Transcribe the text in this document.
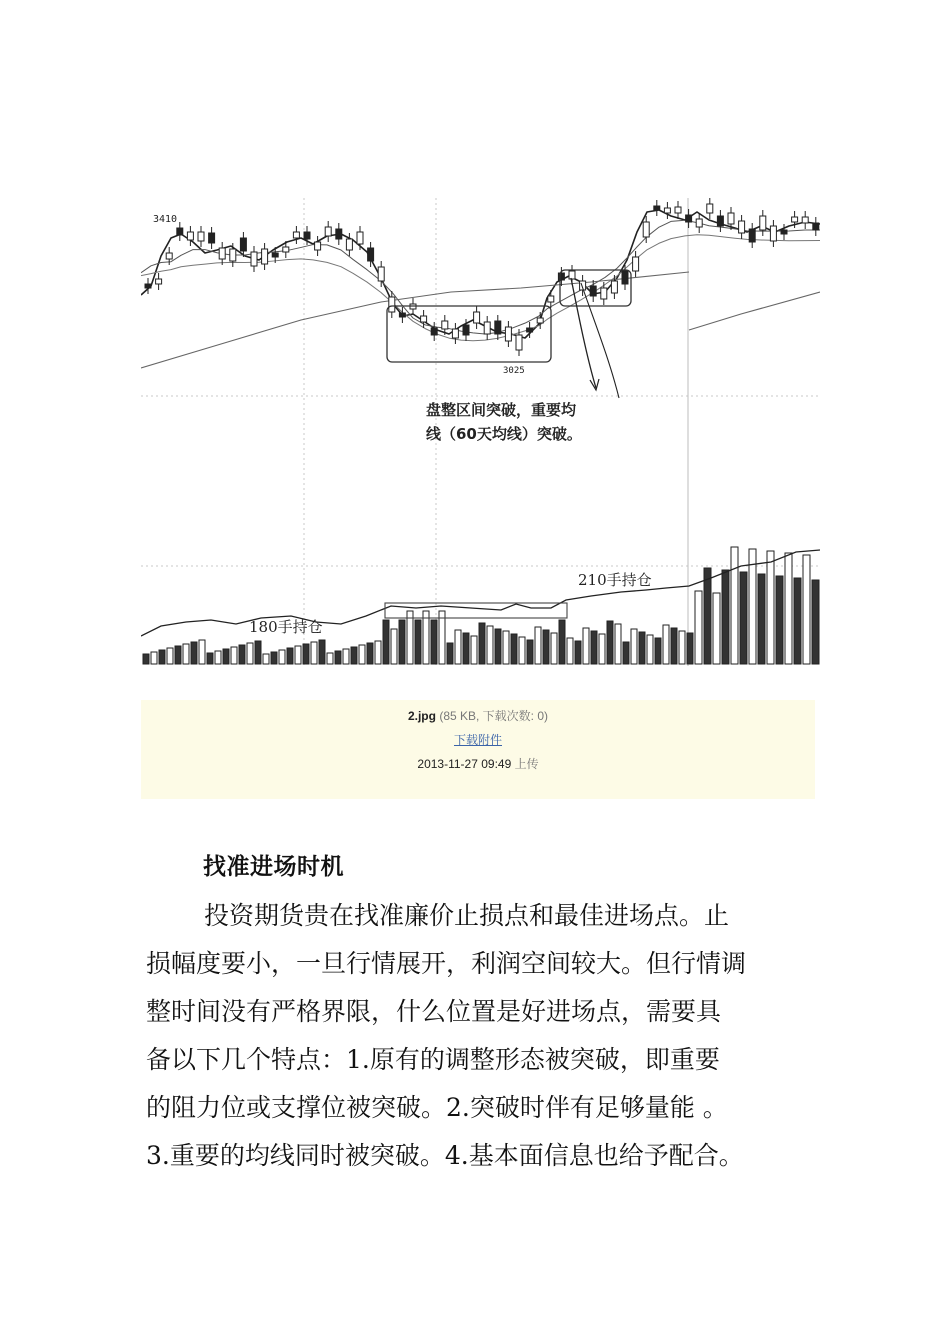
3410
3025
盘整区间突破，重要均
线（60天均线）突破。
180手持仓
210手持仓
2.jpg (85 KB, 下载次数: 0)
下载附件
2013-11-27 09:49 上传
找准进场时机
投资期货贵在找准廉价止损点和最佳进场点。止
损幅度要小，一旦行情展开，利润空间较大。但行情调
整时间没有严格界限，什么位置是好进场点，需要具
备以下几个特点：1.原有的调整形态被突破，即重要
的阻力位或支撑位被突破。2.突破时伴有足够量能 。
3.重要的均线同时被突破。4.基本面信息也给予配合。
